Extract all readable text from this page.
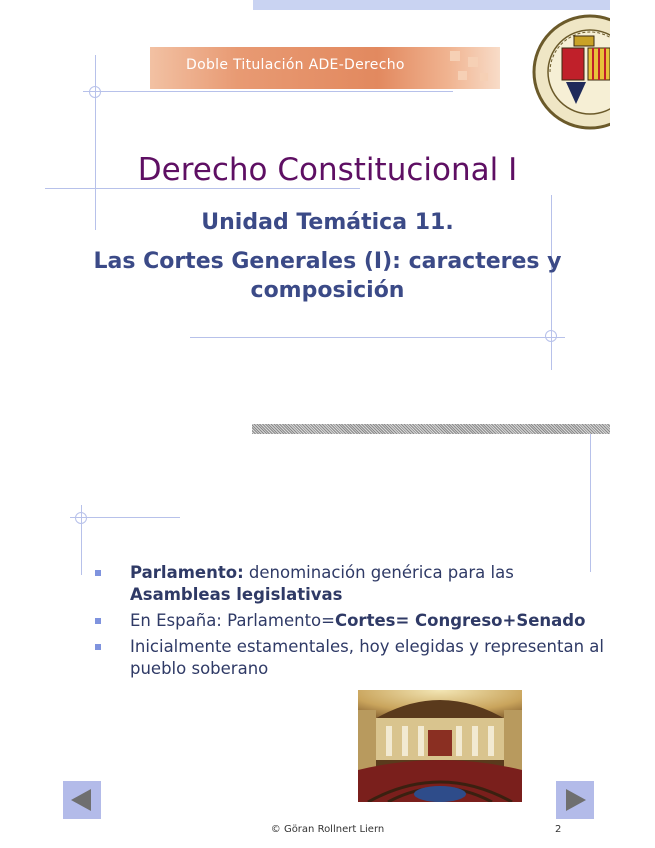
Doble Titulación ADE-Derecho
Derecho Constitucional I
Unidad Temática 11.
Las Cortes Generales (I): caracteres y
composición
Parlamento: denominación genérica para las Asambleas legislativas
En España: Parlamento=Cortes= Congreso+Senado
Inicialmente estamentales, hoy elegidas y representan al pueblo soberano
© Göran Rollnert Liern	2
